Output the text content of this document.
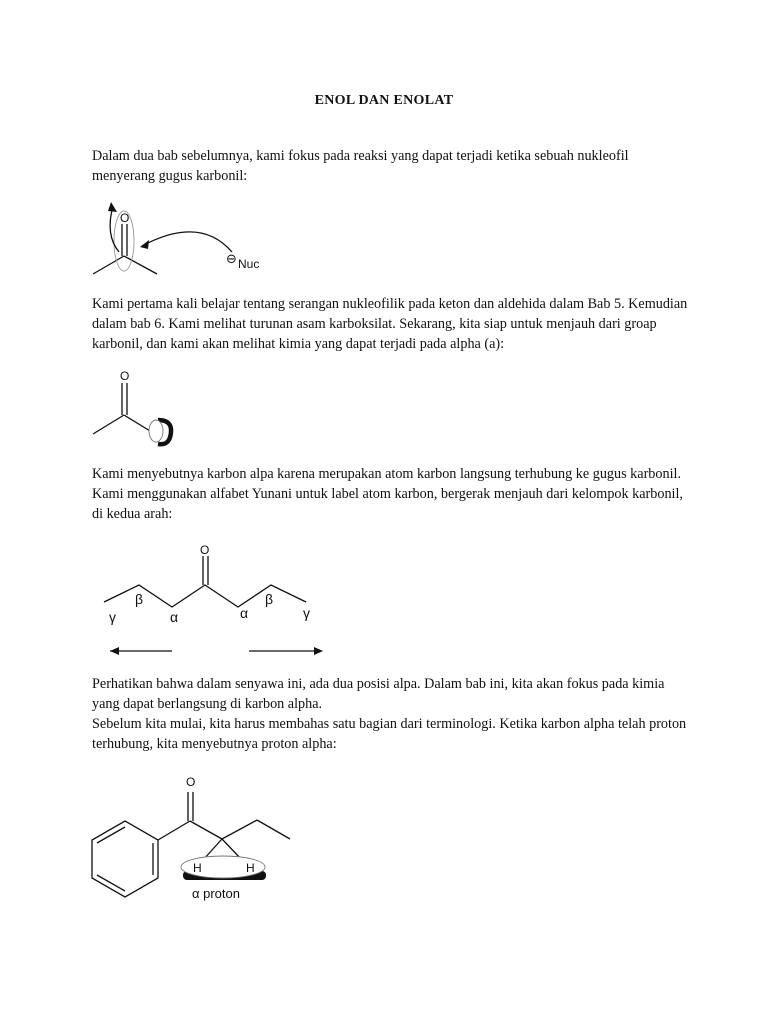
ENOL DAN ENOLAT

Dalam dua bab sebelumnya, kami fokus pada reaksi yang dapat terjadi ketika sebuah nukleofil menyerang gugus karbonil:

O
⊖ Nuc

Kami pertama kali belajar tentang serangan nukleofilik pada keton dan aldehida dalam Bab 5. Kemudian dalam bab 6. Kami melihat turunan asam karboksilat. Sekarang, kita siap untuk menjauh dari groap karbonil, dan kami akan melihat kimia yang dapat terjadi pada alpha (a):

O

Kami menyebutnya karbon alpa karena merupakan atom karbon langsung terhubung ke gugus karbonil. Kami menggunakan alfabet Yunani untuk label atom karbon, bergerak menjauh dari kelompok karbonil, di kedua arah:

O
γ
β
α	α
β
γ

Perhatikan bahwa dalam senyawa ini, ada dua posisi alpa. Dalam bab ini, kita akan fokus pada kimia yang dapat berlangsung di karbon alpha.

Sebelum kita mulai, kita harus membahas satu bagian dari terminologi. Ketika karbon alpha telah proton terhubung, kita menyebutnya proton alpha:

O
H	H
α proton
